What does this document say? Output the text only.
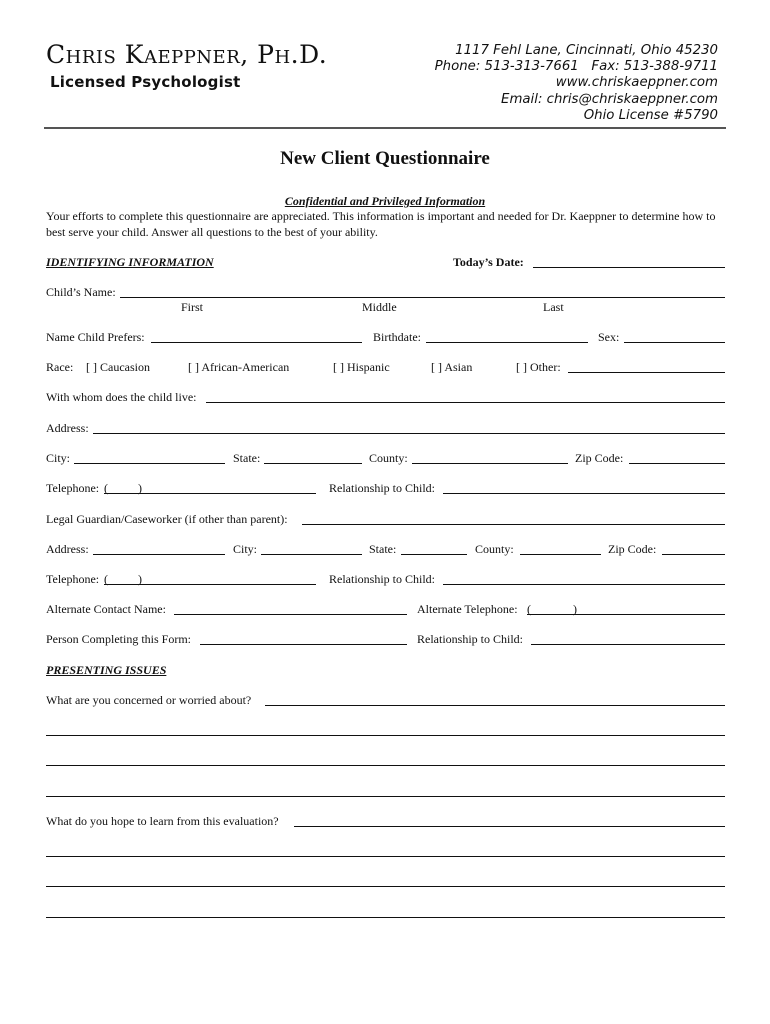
Chris Kaeppner, Ph.D.
Licensed Psychologist
1117 Fehl Lane, Cincinnati, Ohio 45230
Phone: 513-313-7661   Fax: 513-388-9711
www.chriskaeppner.com
Email: chris@chriskaeppner.com
Ohio License #5790
New Client Questionnaire
Confidential and Privileged Information
Your efforts to complete this questionnaire are appreciated. This information is important and needed for Dr. Kaeppner to determine how to best serve your child. Answer all questions to the best of your ability.
IDENTIFYING INFORMATION	Today’s Date:
Child’s Name:
First	Middle	Last
Name Child Prefers:	Birthdate:	Sex:
Race: [ ] Caucasion	[ ] African-American	[ ] Hispanic	[ ] Asian	[ ] Other:
With whom does the child live:
Address:
City:	State:	County:	Zip Code:
Telephone: (          )	Relationship to Child:
Legal Guardian/Caseworker (if other than parent):
Address:	City:	State:	County:	Zip Code:
Telephone: (          )	Relationship to Child:
Alternate Contact Name:	Alternate Telephone: (              )
Person Completing this Form:	Relationship to Child:
PRESENTING ISSUES
What are you concerned or worried about?
What do you hope to learn from this evaluation?
